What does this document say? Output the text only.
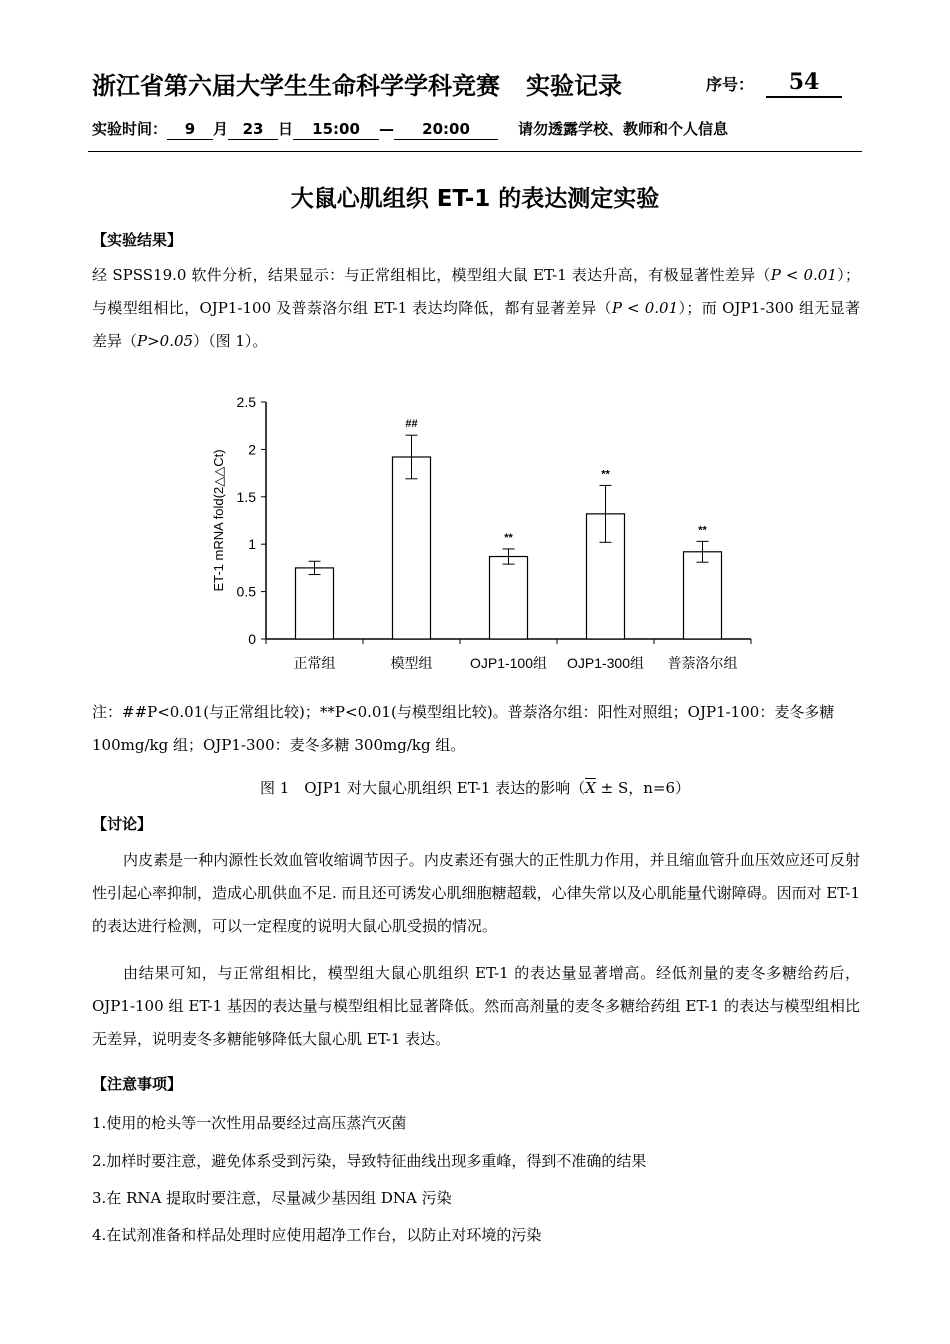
浙江省第六届大学生生命科学学科竞赛 实验记录	序号：	54
实验时间： 9 月 23 日 15:00 — 20:00	请勿透露学校、教师和个人信息
大鼠心肌组织 ET-1 的表达测定实验
【实验结果】
经 SPSS19.0 软件分析，结果显示：与正常组相比，模型组大鼠 ET-1 表达升高，有极显著性差异（P < 0.01）；与模型组相比，OJP1-100 及普萘洛尔组 ET-1 表达均降低，都有显著差异（P < 0.01）；而 OJP1-300 组无显著差异（P>0.05）（图 1）。
0
0.5
1
1.5
2
2.5
ET-1 mRNA fold(2△△Ct)
正常组
##
模型组
**
OJP1-100组
**
OJP1-300组
**
普萘洛尔组
注：##P<0.01(与正常组比较)；**P<0.01(与模型组比较)。普萘洛尔组：阳性对照组；OJP1-100：麦冬多糖
100mg/kg 组；OJP1-300：麦冬多糖 300mg/kg 组。
图 1　OJP1 对大鼠心肌组织 ET-1 表达的影响（$\overline{X} \pm S$，n=6）
【讨论】
内皮素是一种内源性长效血管收缩调节因子。内皮素还有强大的正性肌力作用，并且缩血管升血压效应还可反射性引起心率抑制，造成心肌供血不足. 而且还可诱发心肌细胞糖超载，心律失常以及心肌能量代谢障碍。因而对 ET-1 的表达进行检测，可以一定程度的说明大鼠心肌受损的情况。
由结果可知，与正常组相比，模型组大鼠心肌组织 ET-1 的表达量显著增高。经低剂量的麦冬多糖给药后，OJP1-100 组 ET-1 基因的表达量与模型组相比显著降低。然而高剂量的麦冬多糖给药组 ET-1 的表达与模型组相比无差异，说明麦冬多糖能够降低大鼠心肌 ET-1 表达。
【注意事项】
1.使用的枪头等一次性用品要经过高压蒸汽灭菌
2.加样时要注意，避免体系受到污染，导致特征曲线出现多重峰，得到不准确的结果
3.在 RNA 提取时要注意，尽量减少基因组 DNA 污染
4.在试剂准备和样品处理时应使用超净工作台，以防止对环境的污染
